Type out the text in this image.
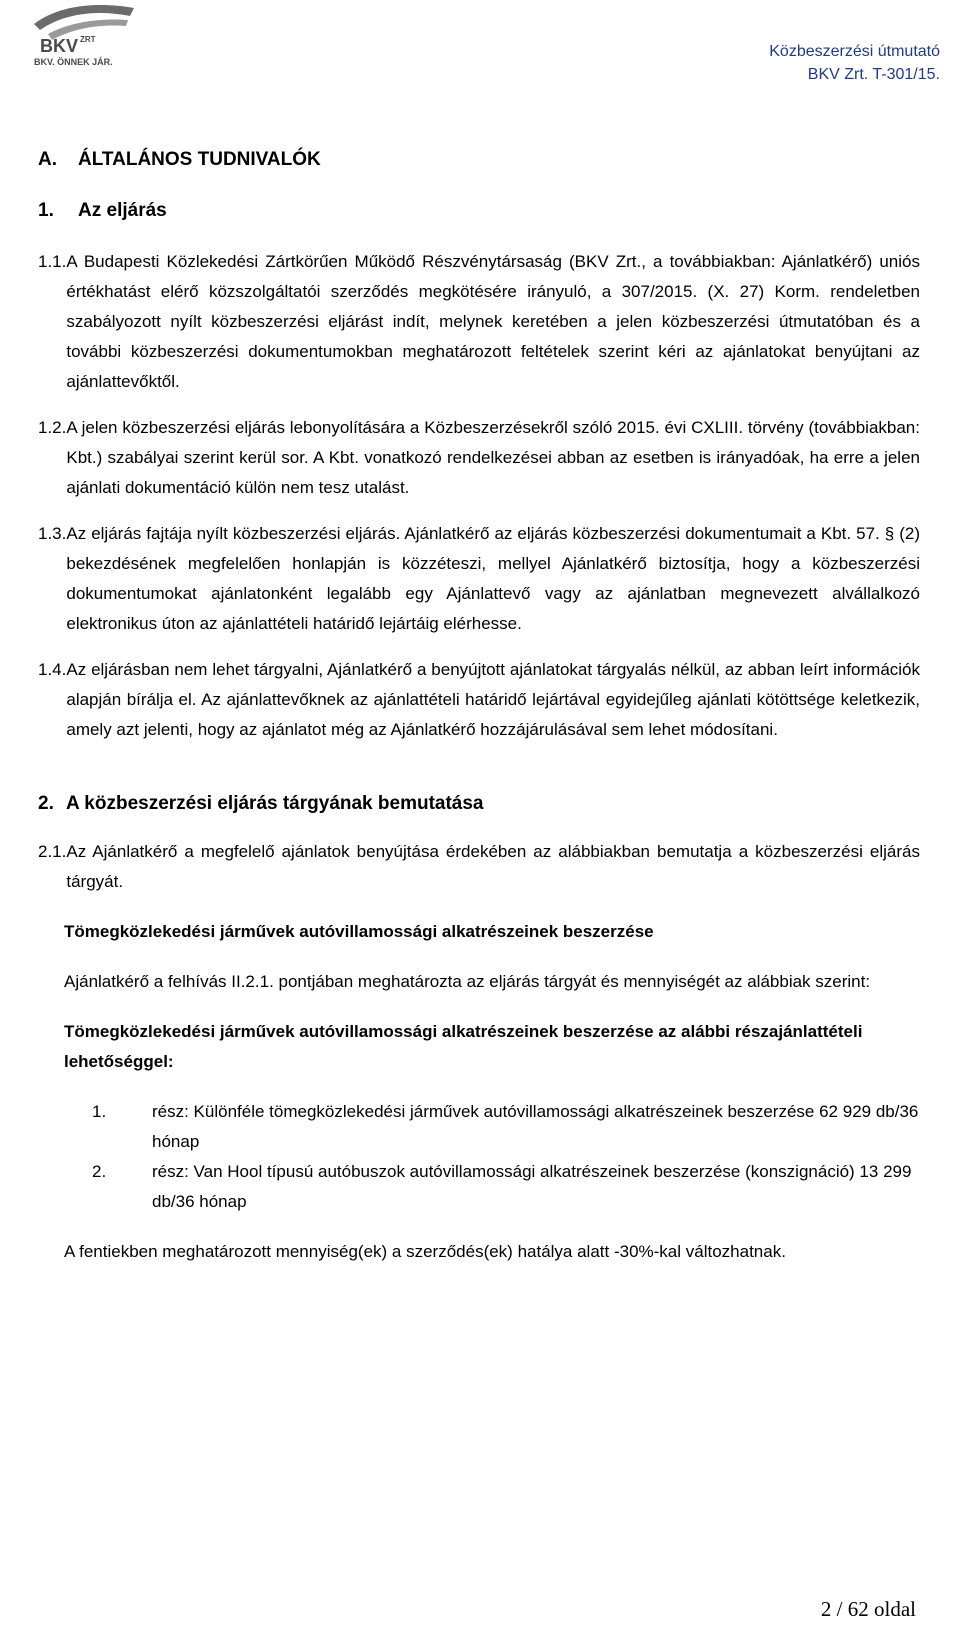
BKV ZRT
BKV. ÖNNEK JÁR.
Közbeszerzési útmutató
BKV Zrt. T-301/15.

A. ÁLTALÁNOS TUDNIVALÓK

1. Az eljárás

1.1. A Budapesti Közlekedési Zártkörűen Működő Részvénytársaság (BKV Zrt., a továbbiakban: Ajánlatkérő) uniós értékhatást elérő közszolgáltatói szerződés megkötésére irányuló, a 307/2015. (X. 27) Korm. rendeletben szabályozott nyílt közbeszerzési eljárást indít, melynek keretében a jelen közbeszerzési útmutatóban és a további közbeszerzési dokumentumokban meghatározott feltételek szerint kéri az ajánlatokat benyújtani az ajánlattevőktől.
1.2. A jelen közbeszerzési eljárás lebonyolítására a Közbeszerzésekről szóló 2015. évi CXLIII. törvény (továbbiakban: Kbt.) szabályai szerint kerül sor. A Kbt. vonatkozó rendelkezései abban az esetben is irányadóak, ha erre a jelen ajánlati dokumentáció külön nem tesz utalást.
1.3. Az eljárás fajtája nyílt közbeszerzési eljárás. Ajánlatkérő az eljárás közbeszerzési dokumentumait a Kbt. 57. § (2) bekezdésének megfelelően honlapján is közzéteszi, mellyel Ajánlatkérő biztosítja, hogy a közbeszerzési dokumentumokat ajánlatonként legalább egy Ajánlattevő vagy az ajánlatban megnevezett alvállalkozó elektronikus úton az ajánlattételi határidő lejártáig elérhesse.
1.4. Az eljárásban nem lehet tárgyalni, Ajánlatkérő a benyújtott ajánlatokat tárgyalás nélkül, az abban leírt információk alapján bírálja el. Az ajánlattevőknek az ajánlattételi határidő lejártával egyidejűleg ajánlati kötöttsége keletkezik, amely azt jelenti, hogy az ajánlatot még az Ajánlatkérő hozzájárulásával sem lehet módosítani.

2. A közbeszerzési eljárás tárgyának bemutatása

2.1. Az Ajánlatkérő a megfelelő ajánlatok benyújtása érdekében az alábbiakban bemutatja a közbeszerzési eljárás tárgyát.

Tömegközlekedési járművek autóvillamossági alkatrészeinek beszerzése

Ajánlatkérő a felhívás II.2.1. pontjában meghatározta az eljárás tárgyát és mennyiségét az alábbiak szerint:

Tömegközlekedési járművek autóvillamossági alkatrészeinek beszerzése az alábbi részajánlattételi lehetőséggel:

1.	rész: Különféle tömegközlekedési járművek autóvillamossági alkatrészeinek beszerzése 62 929 db/36 hónap
2.	rész: Van Hool típusú autóbuszok autóvillamossági alkatrészeinek beszerzése (konszignáció) 13 299 db/36 hónap

A fentiekben meghatározott mennyiség(ek) a szerződés(ek) hatálya alatt -30%-kal változhatnak.

2 / 62 oldal
